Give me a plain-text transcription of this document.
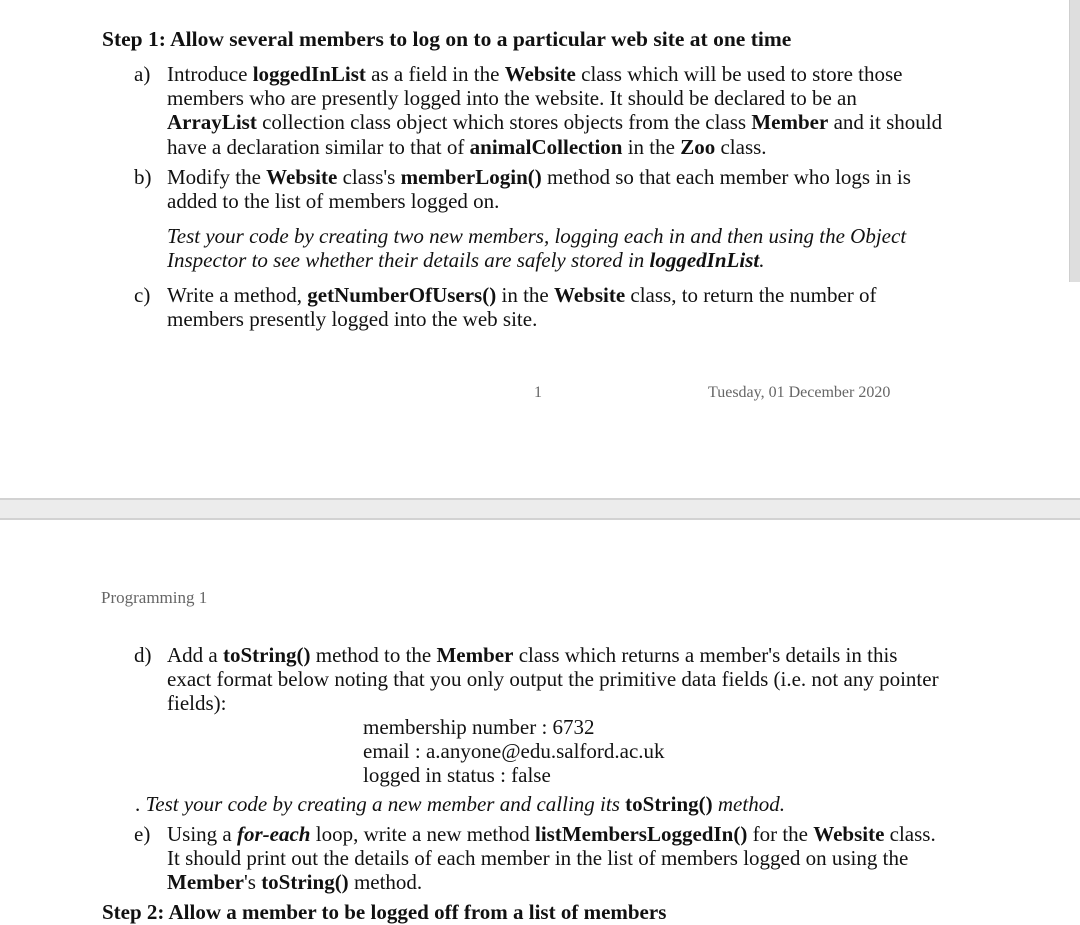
Step 1: Allow several members to log on to a particular web site at one time
a) Introduce loggedInList as a field in the Website class which will be used to store those
members who are presently logged into the website. It should be declared to be an
ArrayList collection class object which stores objects from the class Member and it should
have a declaration similar to that of animalCollection in the Zoo class.
b) Modify the Website class's memberLogin() method so that each member who logs in is
added to the list of members logged on.
Test your code by creating two new members, logging each in and then using the Object
Inspector to see whether their details are safely stored in loggedInList.
c) Write a method, getNumberOfUsers() in the Website class, to return the number of
members presently logged into the web site.
1	Tuesday, 01 December 2020
Programming 1
d) Add a toString() method to the Member class which returns a member's details in this
exact format below noting that you only output the primitive data fields (i.e. not any pointer
fields):
membership number : 6732
email : a.anyone@edu.salford.ac.uk
logged in status : false
. Test your code by creating a new member and calling its toString() method.
e) Using a for-each loop, write a new method listMembersLoggedIn() for the Website class.
It should print out the details of each member in the list of members logged on using the
Member's toString() method.
Step 2: Allow a member to be logged off from a list of members
